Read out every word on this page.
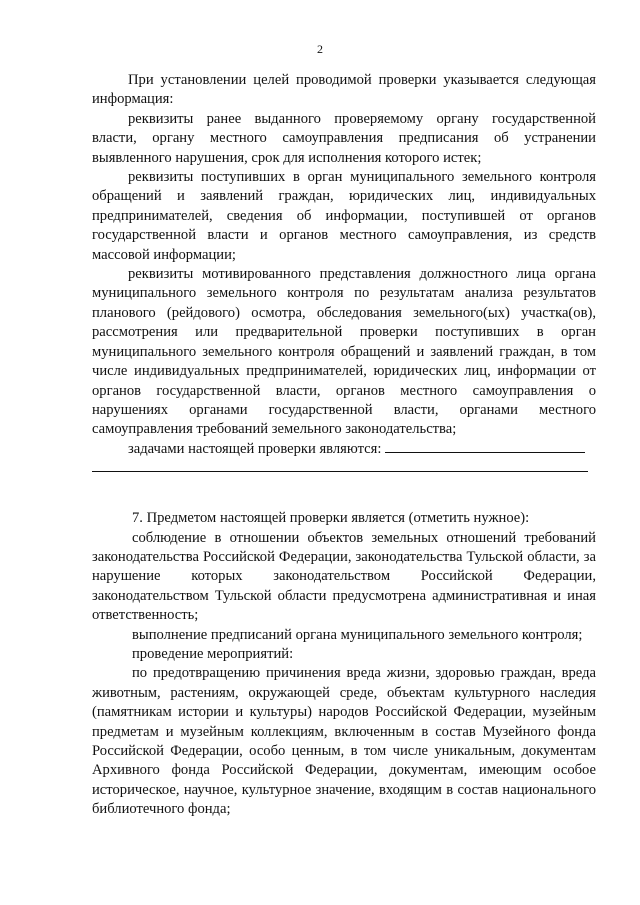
2

При установлении целей проводимой проверки указывается следующая информация:

реквизиты ранее выданного проверяемому органу государственной власти, органу местного самоуправления предписания об устранении выявленного нарушения, срок для исполнения которого истек;

реквизиты поступивших в орган муниципального земельного контроля обращений и заявлений граждан, юридических лиц, индивидуальных предпринимателей, сведения об информации, поступившей от органов государственной власти и органов местного самоуправления, из средств массовой информации;

реквизиты мотивированного представления должностного лица органа муниципального земельного контроля по результатам анализа результатов планового (рейдового) осмотра, обследования земельного(ых) участка(ов), рассмотрения или предварительной проверки поступивших в орган муниципального земельного контроля обращений и заявлений граждан, в том числе индивидуальных предпринимателей, юридических лиц, информации от органов государственной власти, органов местного самоуправления о нарушениях органами государственной власти, органами местного самоуправления требований земельного законодательства;

задачами настоящей проверки являются:

7. Предметом настоящей проверки является (отметить нужное):

соблюдение в отношении объектов земельных отношений требований законодательства Российской Федерации, законодательства Тульской области, за нарушение которых законодательством Российской Федерации, законодательством Тульской области предусмотрена административная и иная ответственность;

выполнение предписаний органа муниципального земельного контроля;

проведение мероприятий:

по предотвращению причинения вреда жизни, здоровью граждан, вреда животным, растениям, окружающей среде, объектам культурного наследия (памятникам истории и культуры) народов Российской Федерации, музейным предметам и музейным коллекциям, включенным в состав Музейного фонда Российской Федерации, особо ценным, в том числе уникальным, документам Архивного фонда Российской Федерации, документам, имеющим особое историческое, научное, культурное значение, входящим в состав национального библиотечного фонда;
